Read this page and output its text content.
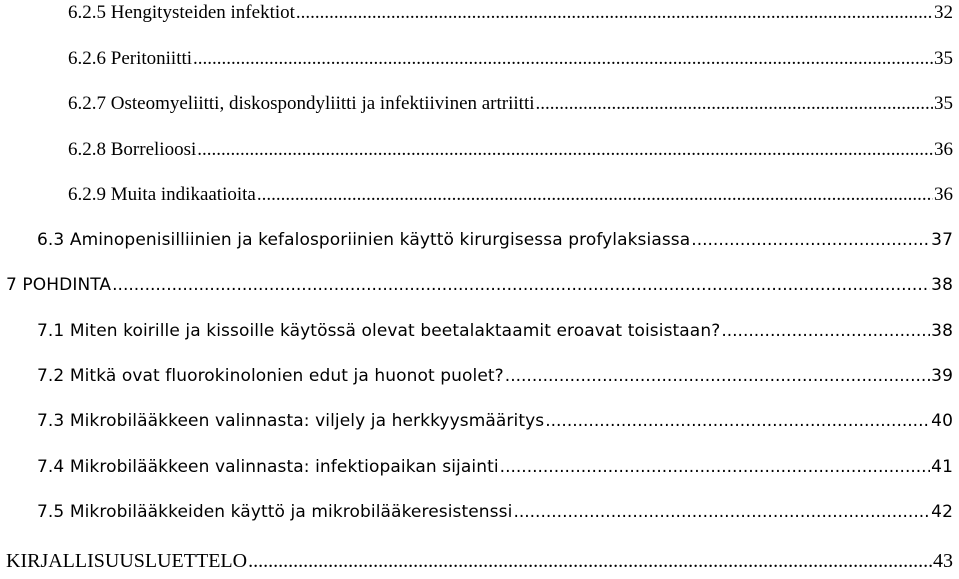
6.2.5 Hengitysteiden infektiot .....	32
6.2.6 Peritoniitti .....	35
6.2.7 Osteomyeliitti, diskospondyliitti ja infektiivinen artriitti .....	35
6.2.8 Borrelioosi .....	36
6.2.9 Muita indikaatioita .....	36
6.3 Aminopenisilliinien ja kefalosporiinien käyttö kirurgisessa profylaksiassa .....	37
7 POHDINTA .....	38
7.1 Miten koirille ja kissoille käytössä olevat beetalaktaamit eroavat toisistaan? .....	38
7.2 Mitkä ovat fluorokinolonien edut ja huonot puolet? .....	39
7.3 Mikrobilääkkeen valinnasta: viljely ja herkkyysmääritys .....	40
7.4 Mikrobilääkkeen valinnasta: infektiopaikan sijainti .....	41
7.5 Mikrobilääkkeiden käyttö ja mikrobilääkeresistenssi .....	42
KIRJALLISUUSLUETTELO .....	43
